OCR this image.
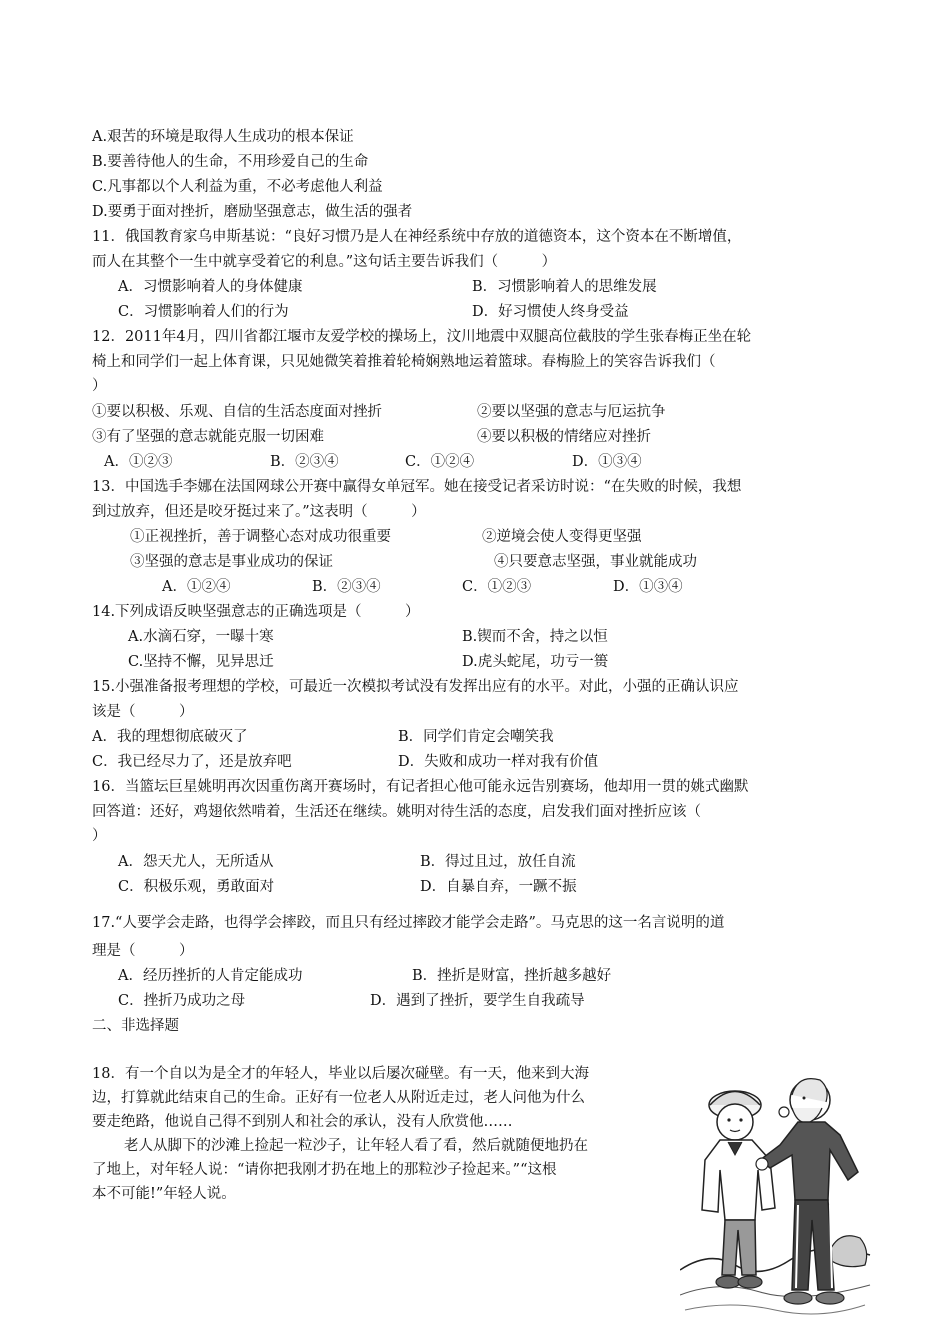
A.艰苦的环境是取得人生成功的根本保证
B.要善待他人的生命，不用珍爱自己的生命
C.凡事都以个人利益为重，不必考虑他人利益
D.要勇于面对挫折，磨励坚强意志，做生活的强者
11．俄国教育家乌申斯基说：“良好习惯乃是人在神经系统中存放的道德资本，这个资本在不断增值，
而人在其整个一生中就享受着它的利息。”这句话主要告诉我们（　　　）
A．习惯影响着人的身体健康	B．习惯影响着人的思维发展
C．习惯影响着人们的行为	D．好习惯使人终身受益
12．2011年4月，四川省都江堰市友爱学校的操场上，汶川地震中双腿高位截肢的学生张春梅正坐在轮
椅上和同学们一起上体育课，只见她微笑着推着轮椅娴熟地运着篮球。春梅脸上的笑容告诉我们（
）
①要以积极、乐观、自信的生活态度面对挫折	②要以坚强的意志与厄运抗争
③有了坚强的意志就能克服一切困难	④要以积极的情绪应对挫折
A．①②③	B．②③④	C．①②④	D．①③④
13．中国选手李娜在法国网球公开赛中赢得女单冠军。她在接受记者采访时说：“在失败的时候，我想
到过放弃，但还是咬牙挺过来了。”这表明（　　　）
①正视挫折，善于调整心态对成功很重要	②逆境会使人变得更坚强
③坚强的意志是事业成功的保证	④只要意志坚强，事业就能成功
A．①②④	B．②③④	C．①②③	D．①③④
14.下列成语反映坚强意志的正确选项是（　　　）
A.水滴石穿，一曝十寒	B.锲而不舍，持之以恒
C.坚持不懈，见异思迁	D.虎头蛇尾，功亏一篑
15.小强准备报考理想的学校，可最近一次模拟考试没有发挥出应有的水平。对此，小强的正确认识应
该是（　　　）
A．我的理想彻底破灭了	B．同学们肯定会嘲笑我
C．我已经尽力了，还是放弃吧	D．失败和成功一样对我有价值
16．当篮坛巨星姚明再次因重伤离开赛场时，有记者担心他可能永远告别赛场，他却用一贯的姚式幽默
回答道：还好，鸡翅依然啃着，生活还在继续。姚明对待生活的态度，启发我们面对挫折应该（
）
A．怨天尤人，无所适从	B．得过且过，放任自流
C．积极乐观，勇敢面对	D．自暴自弃，一蹶不振
17.“人要学会走路，也得学会摔跤，而且只有经过摔跤才能学会走路”。马克思的这一名言说明的道
理是（　　　）
A．经历挫折的人肯定能成功	B．挫折是财富，挫折越多越好
C．挫折乃成功之母	D．遇到了挫折，要学生自我疏导
二、非选择题
18．有一个自以为是全才的年轻人，毕业以后屡次碰壁。有一天，他来到大海
边，打算就此结束自己的生命。正好有一位老人从附近走过，老人问他为什么
要走绝路，他说自己得不到别人和社会的承认，没有人欣赏他……
老人从脚下的沙滩上捡起一粒沙子，让年轻人看了看，然后就随便地扔在
了地上，对年轻人说：“请你把我刚才扔在地上的那粒沙子捡起来。”“这根
本不可能!”年轻人说。
